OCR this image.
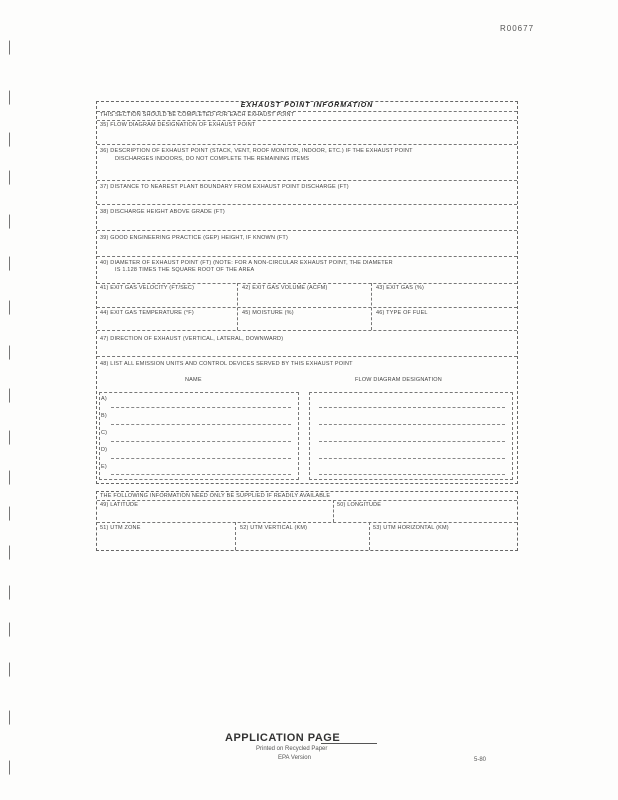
R00677
EXHAUST POINT INFORMATION
THIS SECTION SHOULD BE COMPLETED FOR EACH EXHAUST POINT
35) FLOW DIAGRAM DESIGNATION OF EXHAUST POINT
36) DESCRIPTION OF EXHAUST POINT (STACK, VENT, ROOF MONITOR, INDOOR, ETC.) IF THE EXHAUST POINT
DISCHARGES INDOORS, DO NOT COMPLETE THE REMAINING ITEMS
37) DISTANCE TO NEAREST PLANT BOUNDARY FROM EXHAUST POINT DISCHARGE (FT)
38) DISCHARGE HEIGHT ABOVE GRADE (FT)
39) GOOD ENGINEERING PRACTICE (GEP) HEIGHT, IF KNOWN (FT)
40) DIAMETER OF EXHAUST POINT (FT) (NOTE: FOR A NON-CIRCULAR EXHAUST POINT, THE DIAMETER
IS 1.128 TIMES THE SQUARE ROOT OF THE AREA
41) EXIT GAS VELOCITY (FT/SEC)	42) EXIT GAS VOLUME (ACFM)	43) EXIT GAS (%)
44) EXIT GAS TEMPERATURE (°F)	45) MOISTURE (%)	46) TYPE OF FUEL
47) DIRECTION OF EXHAUST (VERTICAL, LATERAL, DOWNWARD)
48) LIST ALL EMISSION UNITS AND CONTROL DEVICES SERVED BY THIS EXHAUST POINT
NAME	FLOW DIAGRAM DESIGNATION
A)
B)
C)
D)
E)
THE FOLLOWING INFORMATION NEED ONLY BE SUPPLIED IF READILY AVAILABLE
49) LATITUDE	50) LONGITUDE
51) UTM ZONE	52) UTM VERTICAL (KM)	53) UTM HORIZONTAL (KM)
APPLICATION PAGE
Printed on Recycled Paper
EPA Version	5-80
